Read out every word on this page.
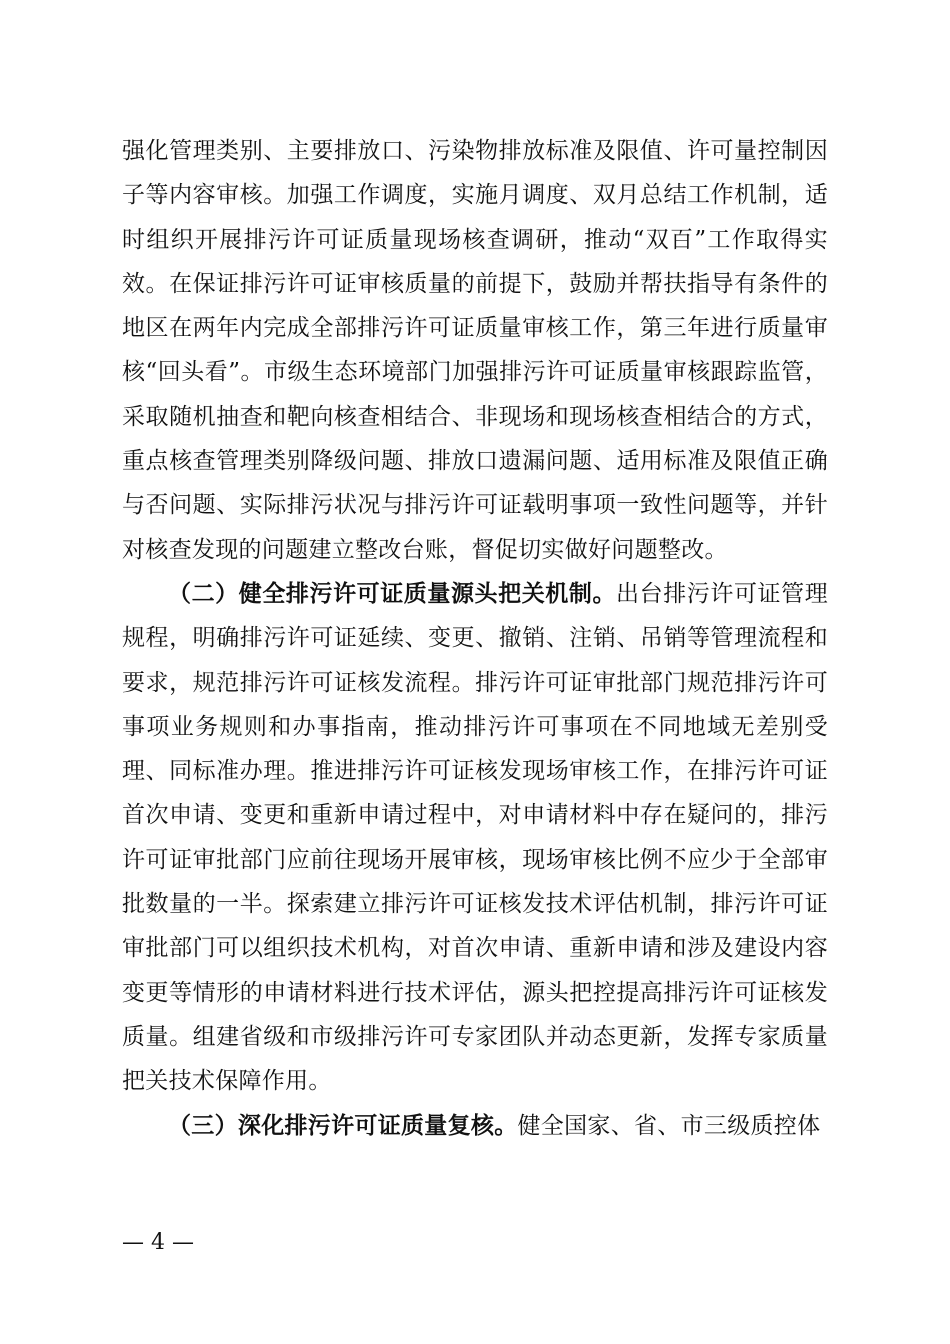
强化管理类别、主要排放口、污染物排放标准及限值、许可量控制因子等内容审核。加强工作调度，实施月调度、双月总结工作机制，适时组织开展排污许可证质量现场核查调研，推动“双百”工作取得实效。在保证排污许可证审核质量的前提下，鼓励并帮扶指导有条件的地区在两年内完成全部排污许可证质量审核工作，第三年进行质量审核“回头看”。市级生态环境部门加强排污许可证质量审核跟踪监管，采取随机抽查和靶向核查相结合、非现场和现场核查相结合的方式，重点核查管理类别降级问题、排放口遗漏问题、适用标准及限值正确与否问题、实际排污状况与排污许可证载明事项一致性问题等，并针对核查发现的问题建立整改台账，督促切实做好问题整改。

（二）健全排污许可证质量源头把关机制。出台排污许可证管理规程，明确排污许可证延续、变更、撤销、注销、吊销等管理流程和要求，规范排污许可证核发流程。排污许可证审批部门规范排污许可事项业务规则和办事指南，推动排污许可事项在不同地域无差别受理、同标准办理。推进排污许可证核发现场审核工作，在排污许可证首次申请、变更和重新申请过程中，对申请材料中存在疑问的，排污许可证审批部门应前往现场开展审核，现场审核比例不应少于全部审批数量的一半。探索建立排污许可证核发技术评估机制，排污许可证审批部门可以组织技术机构，对首次申请、重新申请和涉及建设内容变更等情形的申请材料进行技术评估，源头把控提高排污许可证核发质量。组建省级和市级排污许可专家团队并动态更新，发挥专家质量把关技术保障作用。

（三）深化排污许可证质量复核。健全国家、省、市三级质控体

— 4 —
